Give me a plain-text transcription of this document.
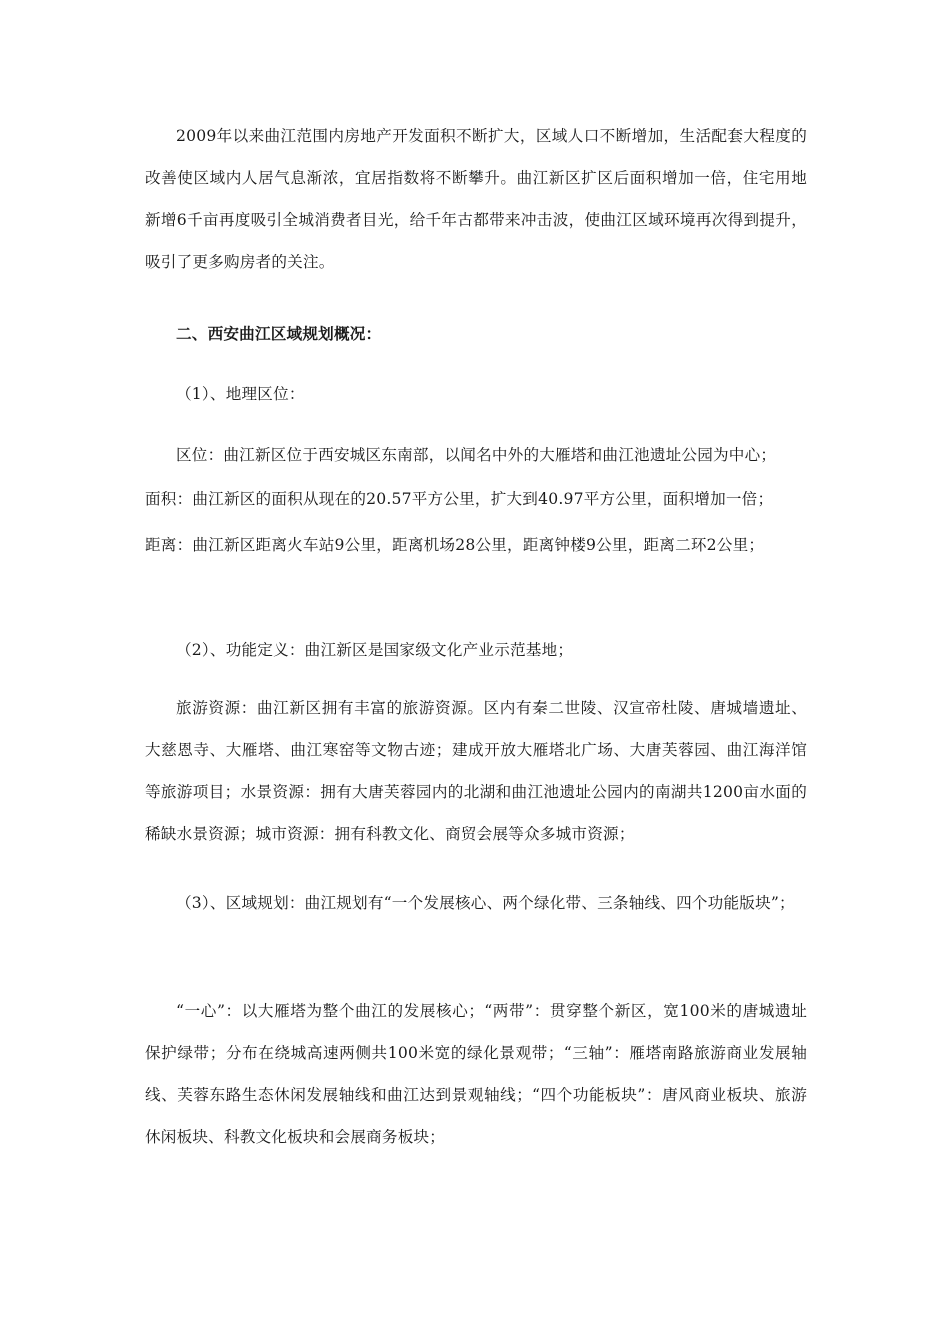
2009年以来曲江范围内房地产开发面积不断扩大，区域人口不断增加，生活配套大程度的改善使区域内人居气息渐浓，宜居指数将不断攀升。曲江新区扩区后面积增加一倍，住宅用地新增6千亩再度吸引全城消费者目光，给千年古都带来冲击波，使曲江区域环境再次得到提升，吸引了更多购房者的关注。

二、西安曲江区域规划概况：

（1）、地理区位：

区位：曲江新区位于西安城区东南部，以闻名中外的大雁塔和曲江池遗址公园为中心；

面积：曲江新区的面积从现在的20.57平方公里，扩大到40.97平方公里，面积增加一倍；

距离：曲江新区距离火车站9公里，距离机场28公里，距离钟楼9公里，距离二环2公里；

（2）、功能定义：曲江新区是国家级文化产业示范基地；

旅游资源：曲江新区拥有丰富的旅游资源。区内有秦二世陵、汉宣帝杜陵、唐城墙遗址、大慈恩寺、大雁塔、曲江寒窑等文物古迹；建成开放大雁塔北广场、大唐芙蓉园、曲江海洋馆等旅游项目；水景资源：拥有大唐芙蓉园内的北湖和曲江池遗址公园内的南湖共1200亩水面的稀缺水景资源；城市资源：拥有科教文化、商贸会展等众多城市资源；

（3）、区域规划：曲江规划有“一个发展核心、两个绿化带、三条轴线、四个功能版块”；

“一心”：以大雁塔为整个曲江的发展核心；“两带”：贯穿整个新区，宽100米的唐城遗址保护绿带；分布在绕城高速两侧共100米宽的绿化景观带；“三轴”：雁塔南路旅游商业发展轴线、芙蓉东路生态休闲发展轴线和曲江达到景观轴线；“四个功能板块”：唐风商业板块、旅游休闲板块、科教文化板块和会展商务板块；
